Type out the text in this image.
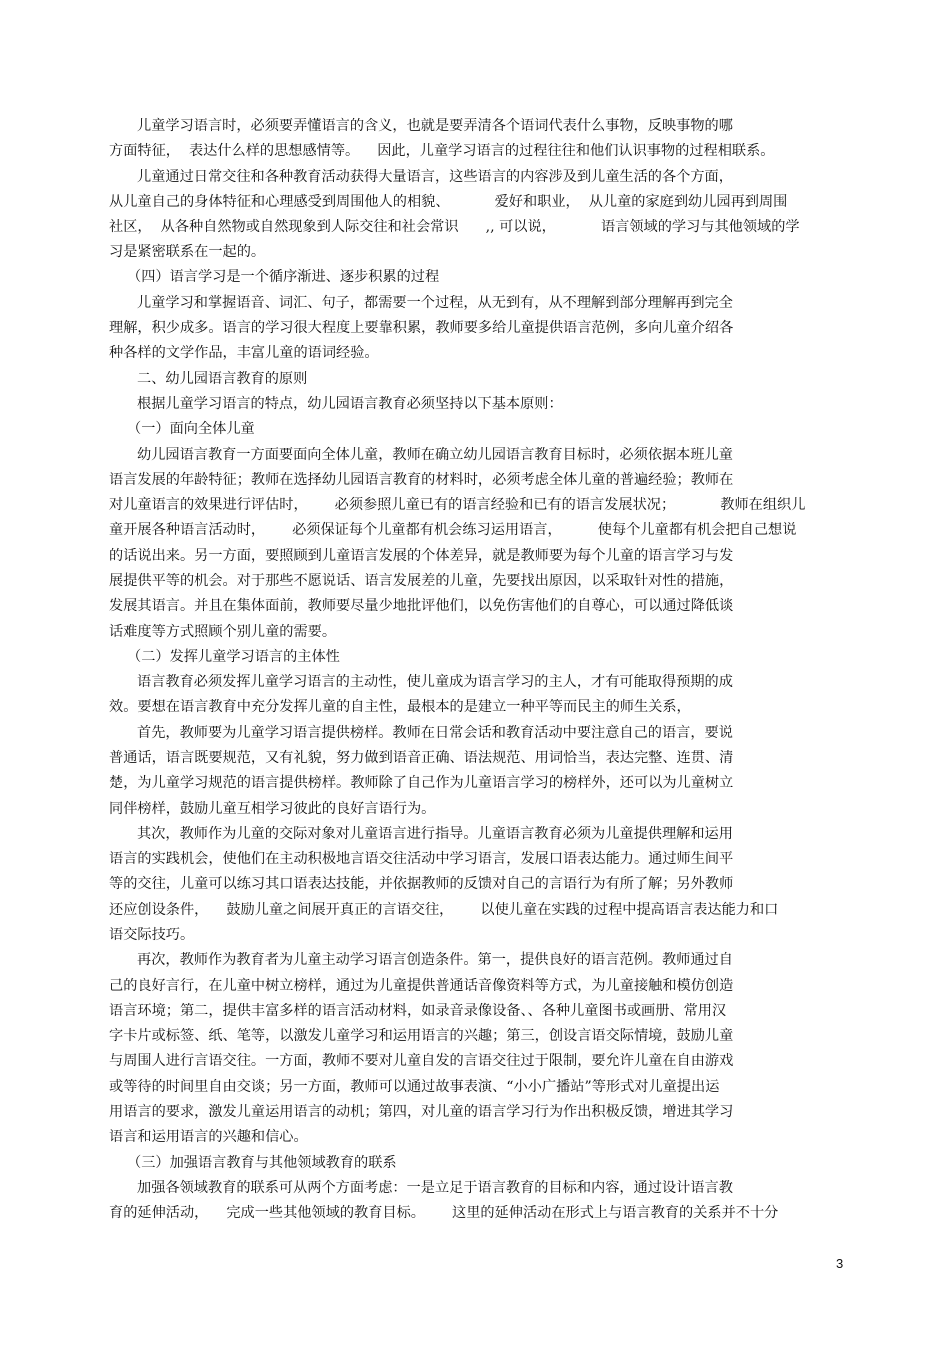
儿童学习语言时，必须要弄懂语言的含义，也就是要弄清各个语词代表什么事物，反映事物的哪
方面特征，  表达什么样的思想感情等。    因此，儿童学习语言的过程往往和他们认识事物的过程相联系。
儿童通过日常交往和各种教育活动获得大量语言，这些语言的内容涉及到儿童生活的各个方面，
从儿童自己的身体特征和心理感受到周围他人的相貌、          爱好和职业，  从儿童的家庭到幼儿园再到周围
社区，  从各种自然物或自然现象到人际交往和社会常识      ,, 可以说，          语言领域的学习与其他领域的学
习是紧密联系在一起的。
（四）语言学习是一个循序渐进、逐步积累的过程
儿童学习和掌握语音、词汇、句子，都需要一个过程，从无到有，从不理解到部分理解再到完全
理解，积少成多。语言的学习很大程度上要靠积累，教师要多给儿童提供语言范例，多向儿童介绍各
种各样的文学作品，丰富儿童的语词经验。
二、幼儿园语言教育的原则
根据儿童学习语言的特点，幼儿园语言教育必须坚持以下基本原则：
（一）面向全体儿童
幼儿园语言教育一方面要面向全体儿童，教师在确立幼儿园语言教育目标时，必须依据本班儿童
语言发展的年龄特征；教师在选择幼儿园语言教育的材料时，必须考虑全体儿童的普遍经验；教师在
对儿童语言的效果进行评估时，      必须参照儿童已有的语言经验和已有的语言发展状况；          教师在组织儿
童开展各种语言活动时，      必须保证每个儿童都有机会练习运用语言，        使每个儿童都有机会把自己想说
的话说出来。另一方面，要照顾到儿童语言发展的个体差异，就是教师要为每个儿童的语言学习与发
展提供平等的机会。对于那些不愿说话、语言发展差的儿童，先要找出原因，以采取针对性的措施，
发展其语言。并且在集体面前，教师要尽量少地批评他们，以免伤害他们的自尊心，可以通过降低谈
话难度等方式照顾个别儿童的需要。
（二）发挥儿童学习语言的主体性
语言教育必须发挥儿童学习语言的主动性，使儿童成为语言学习的主人，才有可能取得预期的成
效。要想在语言教育中充分发挥儿童的自主性，最根本的是建立一种平等而民主的师生关系，
首先，教师要为儿童学习语言提供榜样。教师在日常会话和教育活动中要注意自己的语言，要说
普通话，语言既要规范，又有礼貌，努力做到语音正确、语法规范、用词恰当，表达完整、连贯、清
楚，为儿童学习规范的语言提供榜样。教师除了自己作为儿童语言学习的榜样外，还可以为儿童树立
同伴榜样，鼓励儿童互相学习彼此的良好言语行为。
其次，教师作为儿童的交际对象对儿童语言进行指导。儿童语言教育必须为儿童提供理解和运用
语言的实践机会，使他们在主动积极地言语交往活动中学习语言，发展口语表达能力。通过师生间平
等的交往，儿童可以练习其口语表达技能，并依据教师的反馈对自己的言语行为有所了解；另外教师
还应创设条件，    鼓励儿童之间展开真正的言语交往，      以使儿童在实践的过程中提高语言表达能力和口
语交际技巧。
再次，教师作为教育者为儿童主动学习语言创造条件。第一，提供良好的语言范例。教师通过自
己的良好言行，在儿童中树立榜样，通过为儿童提供普通话音像资料等方式，为儿童接触和模仿创造
语言环境；第二，提供丰富多样的语言活动材料，如录音录像设备、、各种儿童图书或画册、常用汉
字卡片或标签、纸、笔等，以激发儿童学习和运用语言的兴趣；第三，创设言语交际情境，鼓励儿童
与周围人进行言语交往。一方面，教师不要对儿童自发的言语交往过于限制，要允许儿童在自由游戏
或等待的时间里自由交谈；另一方面，教师可以通过故事表演、“小小广播站”等形式对儿童提出运
用语言的要求，激发儿童运用语言的动机；第四，对儿童的语言学习行为作出积极反馈，增进其学习
语言和运用语言的兴趣和信心。
（三）加强语言教育与其他领域教育的联系
加强各领域教育的联系可从两个方面考虑：一是立足于语言教育的目标和内容，通过设计语言教
育的延伸活动，    完成一些其他领域的教育目标。      这里的延伸活动在形式上与语言教育的关系并不十分
3
